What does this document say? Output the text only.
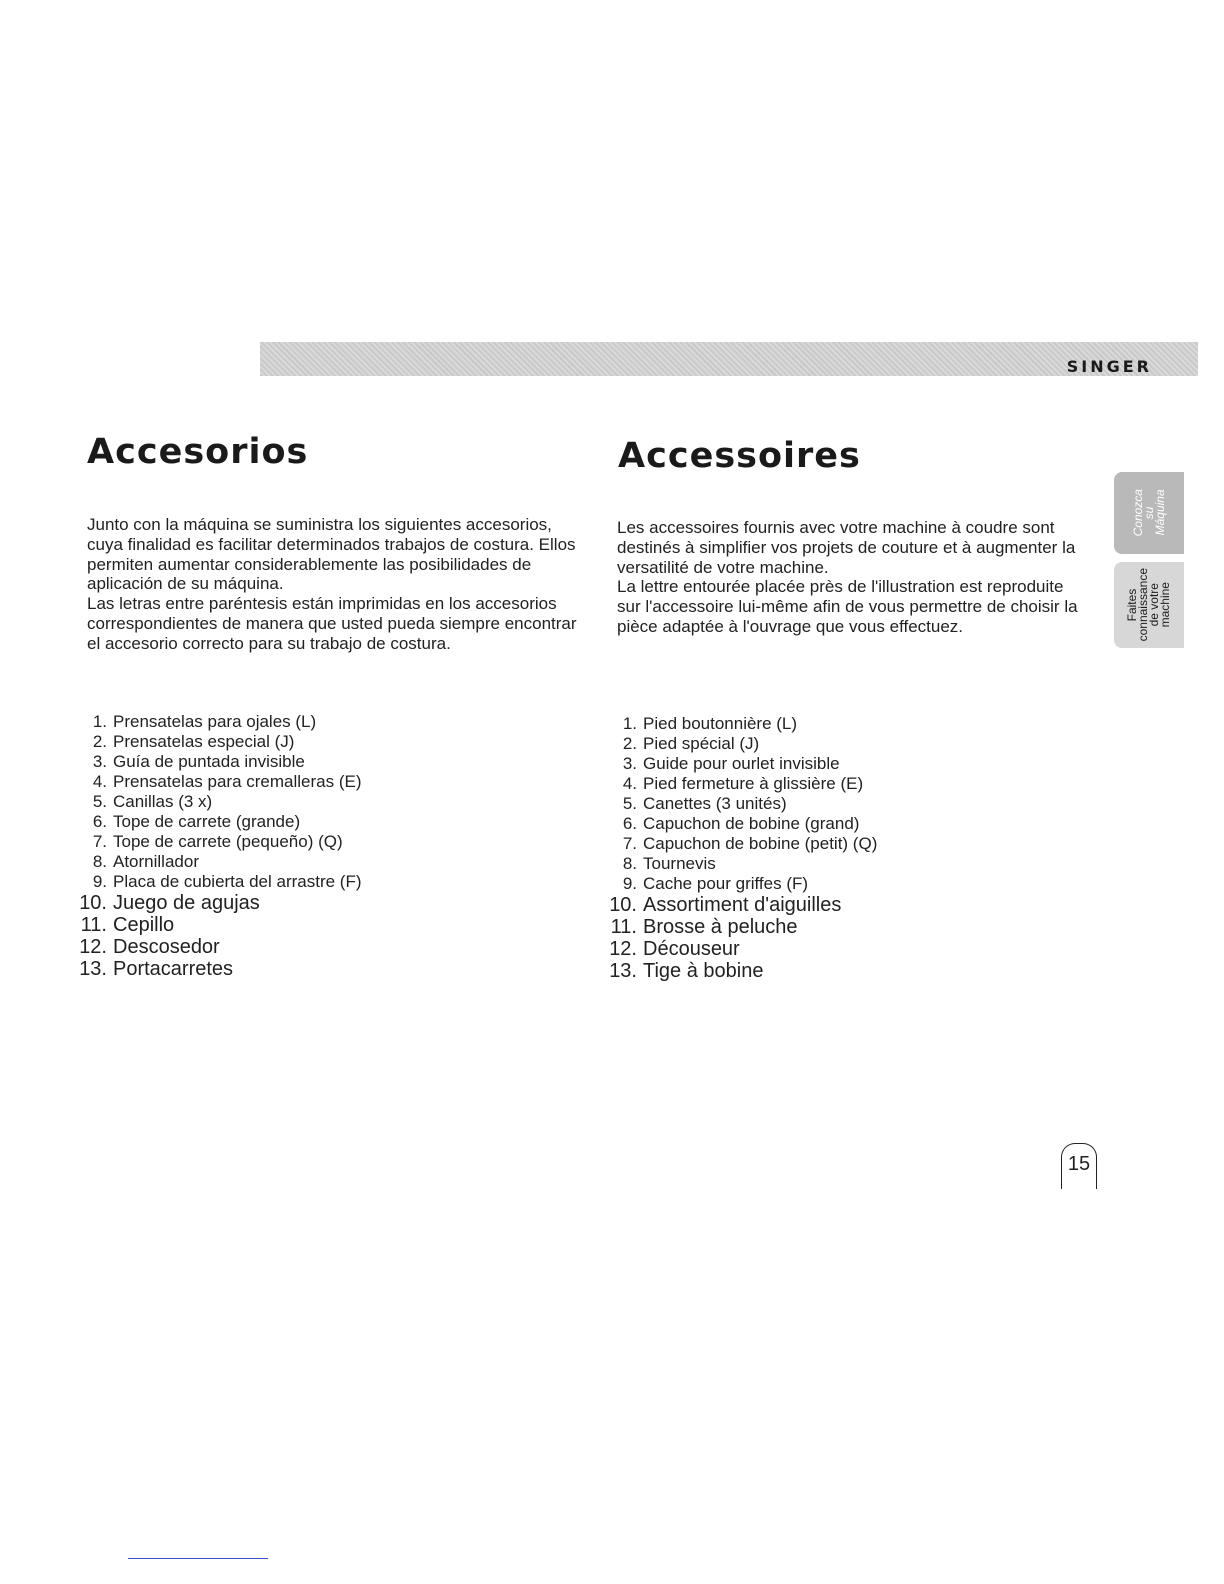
SINGER
Accesorios

Junto con la máquina se suministra los siguientes accesorios, cuya finalidad es facilitar determinados trabajos de costura. Ellos permiten aumentar considerablemente las posibilidades de aplicación de su máquina.

Las letras entre paréntesis están imprimidas en los accesorios correspondientes de manera que usted pueda siempre encontrar el accesorio correcto para su trabajo de costura.

1. Prensatelas para ojales (L)
2. Prensatelas especial (J)
3. Guía de puntada invisible
4. Prensatelas para cremalleras (E)
5. Canillas (3 x)
6. Tope de carrete (grande)
7. Tope de carrete (pequeño) (Q)
8. Atornillador
9. Placa de cubierta del arrastre (F)
10. Juego de agujas
11. Cepillo
12. Descosedor
13. Portacarretes
Accessoires

Les accessoires fournis avec votre machine à coudre sont destinés à simplifier vos projets de couture et à augmenter la versatilité de votre machine.

La lettre entourée placée près de l'illustration est reproduite sur l'accessoire lui-même afin de vous permettre de choisir la pièce adaptée à l'ouvrage que vous effectuez.

1. Pied boutonnière (L)
2. Pied spécial (J)
3. Guide pour ourlet invisible
4. Pied fermeture à glissière (E)
5. Canettes (3 unités)
6. Capuchon de bobine (grand)
7. Capuchon de bobine (petit) (Q)
8. Tournevis
9. Cache pour griffes (F)
10. Assortiment d'aiguilles
11. Brosse à peluche
12. Découseur
13. Tige à bobine
Conozca
su
Máquina
Faites
connaissance
de votre
machine
15
